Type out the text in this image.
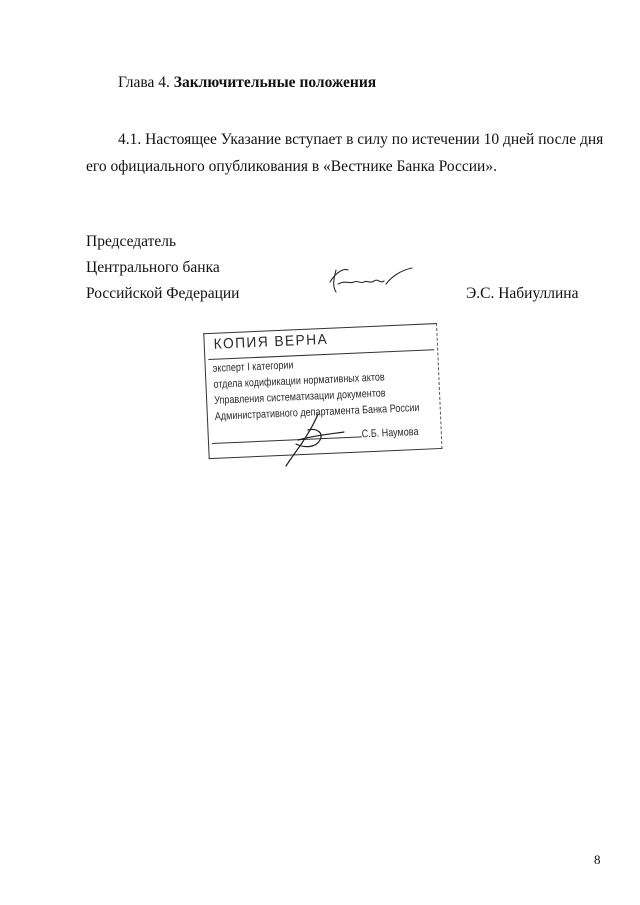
Глава 4. Заключительные положения

4.1. Настоящее Указание вступает в силу по истечении 10 дней после дня его официального опубликования в «Вестнике Банка России».

Председатель
Центрального банка
Российской Федерации	Э.С. Набиуллина
КОПИЯ ВЕРНА
эксперт I категории
отдела кодификации нормативных актов
Управления систематизации документов
Административного департамента Банка России
С.Б. Наумова
8
